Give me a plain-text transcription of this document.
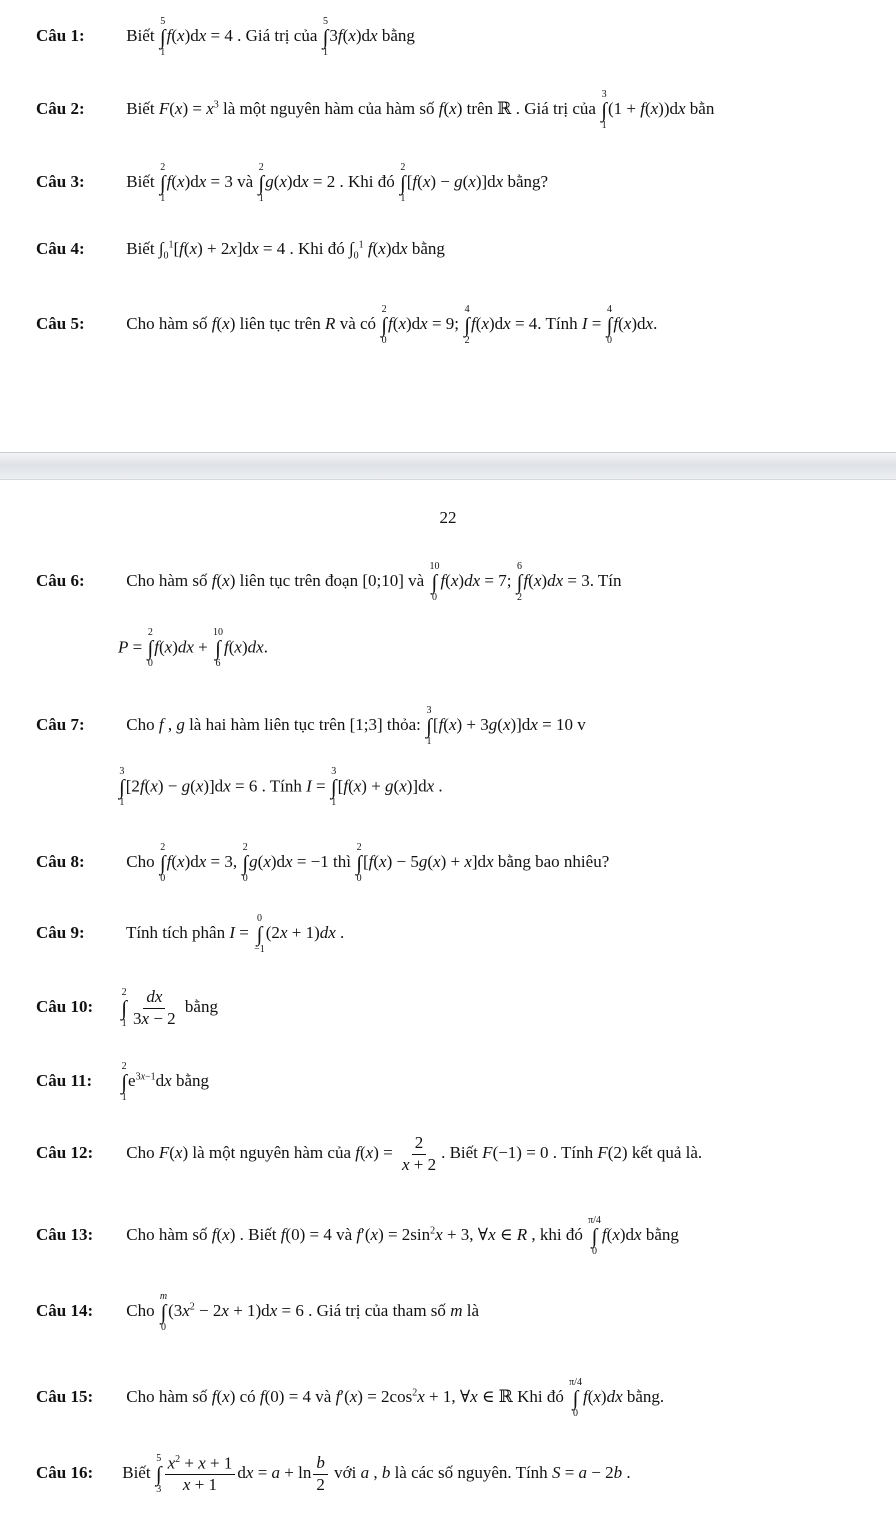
Câu 1: Biết
5
∫
1
f(x)dx = 4 . Giá trị của
5
∫
1
3f(x)dx bằng
Câu 2: Biết $F(x) = x^3$ là một nguyên hàm của hàm số f(x) trên ℝ . Giá trị của
3
∫
1
(1 + f(x))dx bằn
Câu 3: Biết
2
∫
1
f(x)dx = 3 và
2
∫
1
g(x)dx = 2 . Khi đó
2
∫
1
[f(x) − g(x)]dx bằng?
Câu 4: Biết $\int_0^1[f(x) + 2x]dx = 4$ . Khi đó $\int_0^1$ f(x)dx bằng
Câu 5: Cho hàm số f(x) liên tục trên R và có
2
∫
0
f(x)dx = 9;
4
∫
2
f(x)dx = 4. Tính I =
4
∫
0
f(x)dx.
22
Câu 6: Cho hàm số f(x) liên tục trên đoạn [0;10] và
10
∫
0
f(x)dx = 7;
6
∫
2
f(x)dx = 3. Tín
P =
2
∫
0
f(x)dx +
10
∫
6
f(x)dx.
Câu 7: Cho f , g là hai hàm liên tục trên [1;3] thỏa:
3
∫
1
[f(x) + 3g(x)]dx = 10 v
3
∫
1
[2f(x) − g(x)]dx = 6 . Tính I =
3
∫
1
[f(x) + g(x)]dx .
Câu 8: Cho
2
∫
0
f(x)dx = 3,
2
∫
0
g(x)dx = −1 thì
2
∫
0
[f(x) − 5g(x) + x]dx bằng bao nhiêu?
Câu 9: Tính tích phân I =
0
∫
−1
(2x + 1)dx .
Câu 10:
2
∫
$1 \frac{dx}{3x - 2}$ bằng
Câu 11:
2
∫
1
$e^{3x-1}dx$ bằng
Câu 12: Cho F(x) là một nguyên hàm của $f(x) = \frac{2}{x + 2}$ . Biết F(−1) = 0 . Tính F(2) kết quả là.
Câu 13: Cho hàm số f(x) . Biết f(0) = 4 và $f'(x) = 2\sin^2x + 3$, ∀x ∈ R , khi đó
π/4
∫
0
f(x)dx bằng
Câu 14: Cho
m
∫
0
$(3x^2 - 2x + 1)dx = 6$ . Giá trị của tham số m là
Câu 15: Cho hàm số f(x) có f(0) = 4 và $f'(x) = 2\cos^2x + 1$, ∀x ∈ ℝ Khi đó
π/4
∫
0
f(x)dx bằng.
Câu 16: Biết
5
∫
$3 \frac{x^2 + x + 1}{x + 1}$ dx = $a + \ln \frac{b}{2}$ với a , b là các số nguyên. Tính S = a − 2b .
